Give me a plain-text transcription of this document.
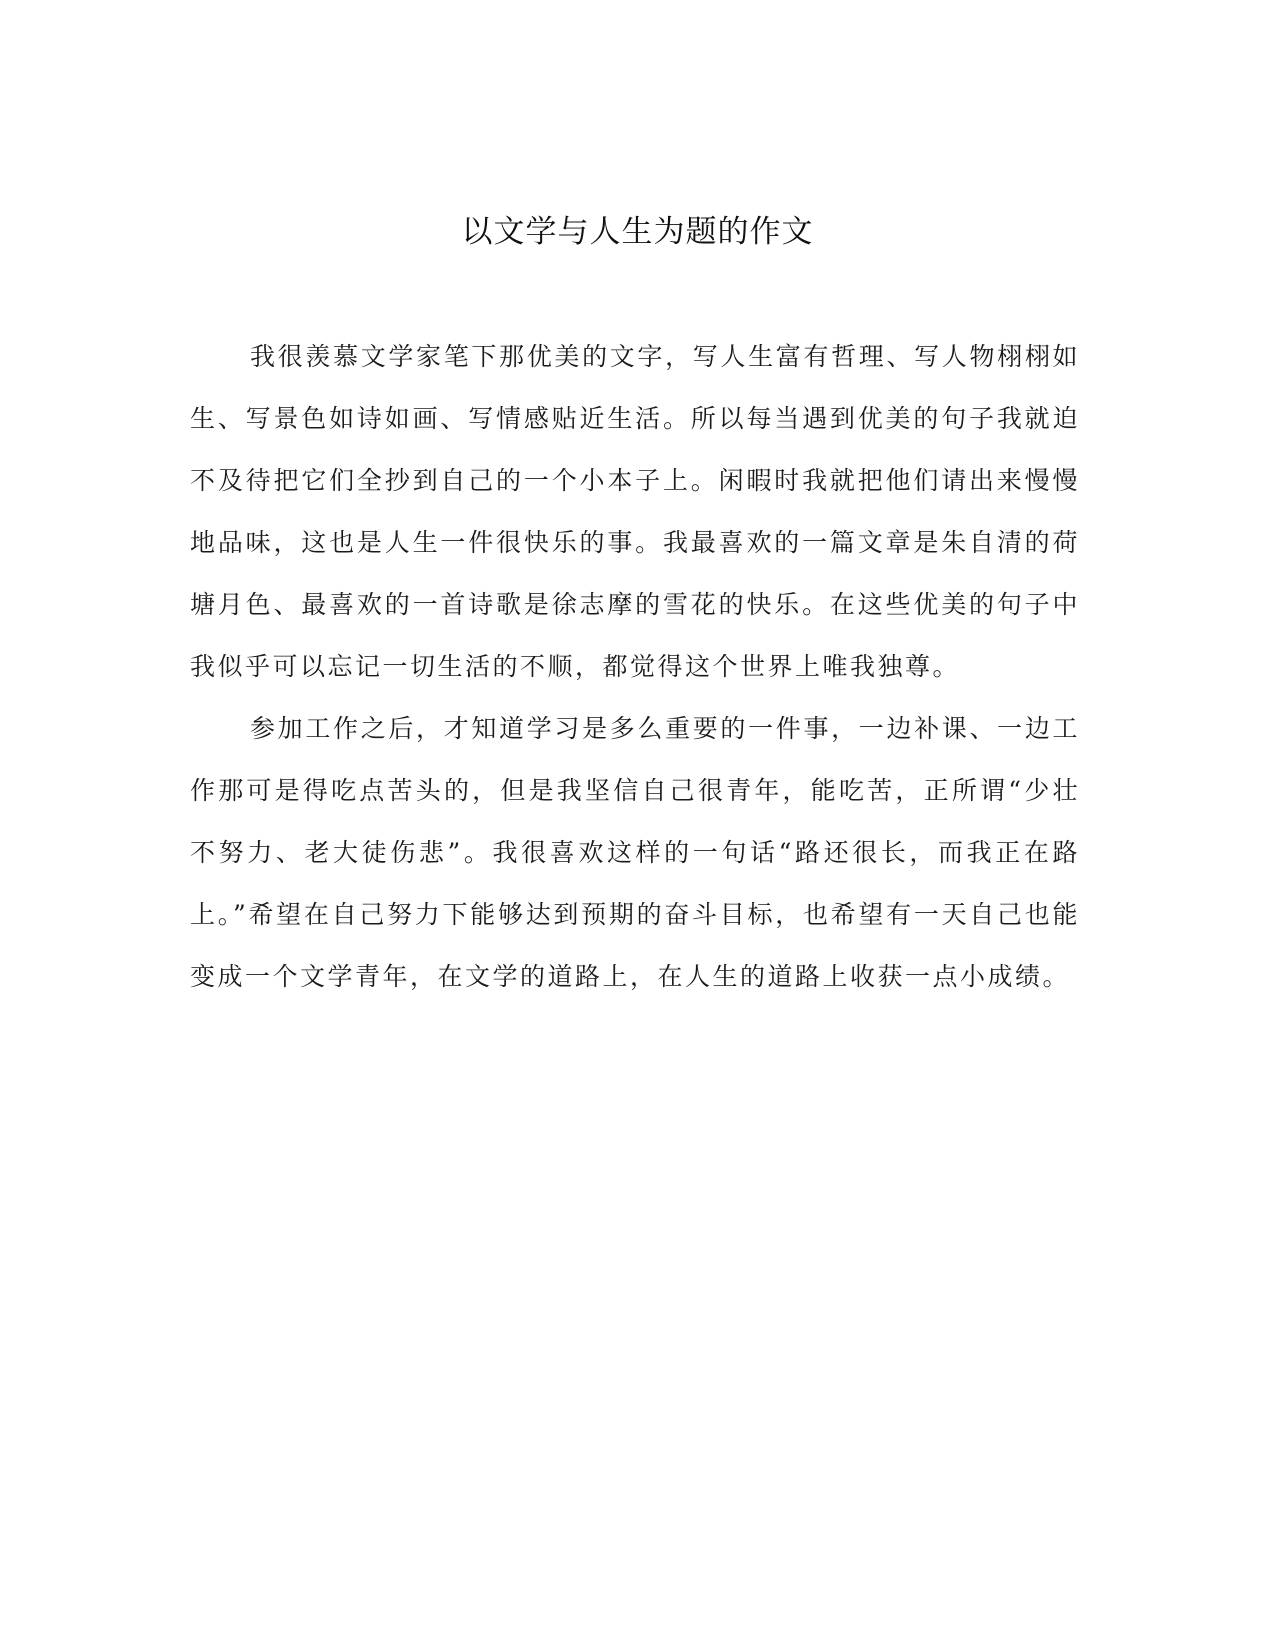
以文学与人生为题的作文

我很羡慕文学家笔下那优美的文字，写人生富有哲理、写人物栩栩如生、写景色如诗如画、写情感贴近生活。所以每当遇到优美的句子我就迫不及待把它们全抄到自己的一个小本子上。闲暇时我就把他们请出来慢慢地品味，这也是人生一件很快乐的事。我最喜欢的一篇文章是朱自清的荷塘月色、最喜欢的一首诗歌是徐志摩的雪花的快乐。在这些优美的句子中我似乎可以忘记一切生活的不顺，都觉得这个世界上唯我独尊。

参加工作之后，才知道学习是多么重要的一件事，一边补课、一边工作那可是得吃点苦头的，但是我坚信自己很青年，能吃苦，正所谓“少壮不努力、老大徒伤悲”。我很喜欢这样的一句话“路还很长，而我正在路上。”希望在自己努力下能够达到预期的奋斗目标，也希望有一天自己也能变成一个文学青年，在文学的道路上，在人生的道路上收获一点小成绩。
